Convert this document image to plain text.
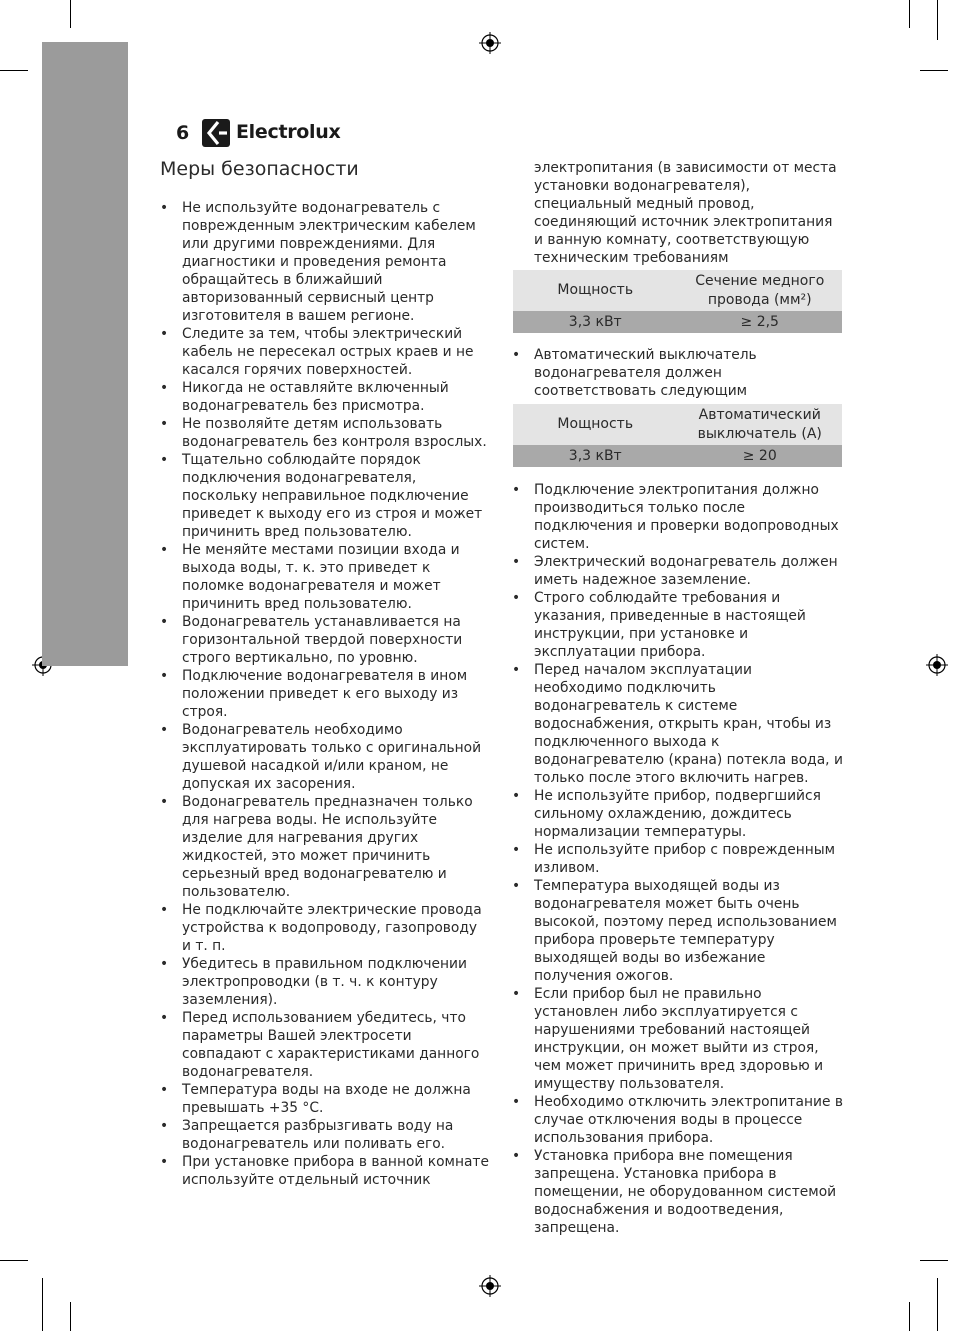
6 Electrolux
Меры безопасности
• Не используйте водонагреватель с поврежденным электрическим кабелем или другими повреждениями. Для диагностики и проведения ремонта обращайтесь в ближайший авторизованный сервисный центр изготовителя в вашем регионе.
• Следите за тем, чтобы электрический кабель не пересекал острых краев и не касался горячих поверхностей.
• Никогда не оставляйте включенный водонагреватель без присмотра.
• Не позволяйте детям использовать водонагреватель без контроля взрослых.
• Тщательно соблюдайте порядок подключения водонагревателя, поскольку неправильное подключение приведет к выходу его из строя и может причинить вред пользователю.
• Не меняйте местами позиции входа и выхода воды, т. к. это приведет к поломке водонагревателя и может причинить вред пользователю.
• Водонагреватель устанавливается на горизонтальной твердой поверхности строго вертикально, по уровню.
• Подключение водонагревателя в ином положении приведет к его выходу из строя.
• Водонагреватель необходимо эксплуатировать только с оригинальной душевой насадкой и/или краном, не допуская их засорения.
• Водонагреватель предназначен только для нагрева воды. Не используйте изделие для нагревания других жидкостей, это может причинить серьезный вред водонагревателю и пользователю.
• Не подключайте электрические провода устройства к водопроводу, газопроводу и т. п.
• Убедитесь в правильном подключении электропроводки (в т. ч. к контуру заземления).
• Перед использованием убедитесь, что параметры Вашей электросети совпадают с характеристиками данного водонагревателя.
• Температура воды на входе не должна превышать +35 °С.
• Запрещается разбрызгивать воду на водонагреватель или поливать его.
• При установке прибора в ванной комнате используйте отдельный источник
электропитания (в зависимости от места установки водонагревателя), специальный медный провод, соединяющий источник электропитания и ванную комнату, соответствующую техническим требованиям
Мощность	Сечение медного провода (мм²)
3,3 кВт	≥ 2,5
• Автоматический выключатель водонагревателя должен соответствовать следующим
Мощность	Автоматический выключатель (А)
3,3 кВт	≥ 20
• Подключение электропитания должно производиться только после подключения и проверки водопроводных систем.
• Электрический водонагреватель должен иметь надежное заземление.
• Строго соблюдайте требования и указания, приведенные в настоящей инструкции, при установке и эксплуатации прибора.
• Перед началом эксплуатации необходимо подключить водонагреватель к системе водоснабжения, открыть кран, чтобы из подключенного выхода к водонагревателю (крана) потекла вода, и только после этого включить нагрев.
• Не используйте прибор, подвергшийся сильному охлаждению, дождитесь нормализации температуры.
• Не используйте прибор с поврежденным изливом.
• Температура выходящей воды из водонагревателя может быть очень высокой, поэтому перед использованием прибора проверьте температуру выходящей воды во избежание получения ожогов.
• Если прибор был не правильно установлен либо эксплуатируется с нарушениями требований настоящей инструкции, он может выйти из строя, чем может причинить вред здоровью и имуществу пользователя.
• Необходимо отключить электропитание в случае отключения воды в процессе использования прибора.
• Установка прибора вне помещения запрещена. Установка прибора в помещении, не оборудованном системой водоснабжения и водоотведения, запрещена.
